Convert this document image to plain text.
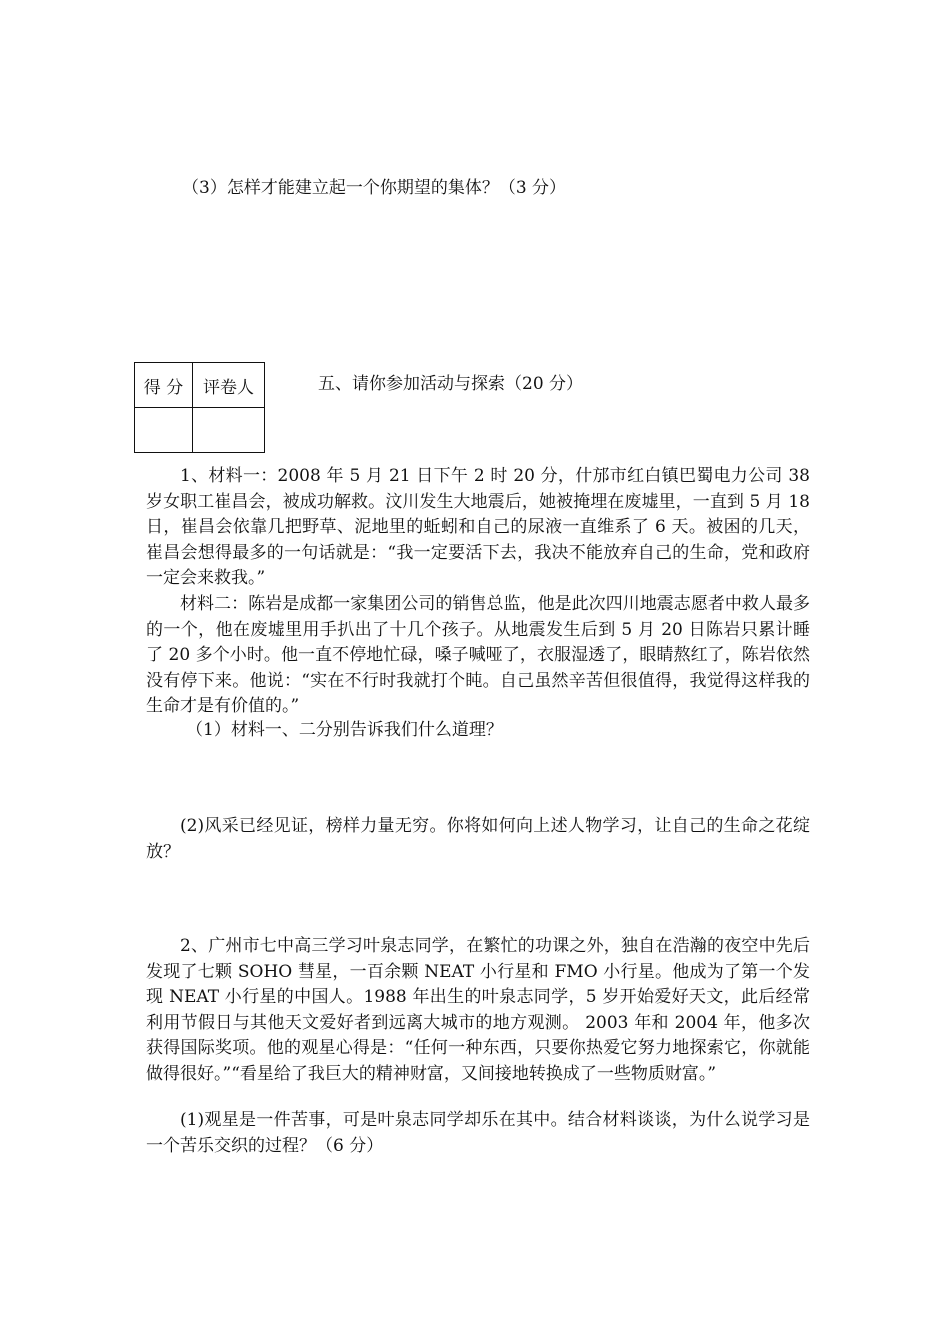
（3）怎样才能建立起一个你期望的集体？（3 分）
得 分	评卷人
		五、请你参加活动与探索（20 分）
1、材料一：2008 年 5 月 21 日下午 2 时 20 分，什邡市红白镇巴蜀电力公司 38 岁女职工崔昌会，被成功解救。汶川发生大地震后，她被掩埋在废墟里，一直到 5 月 18 日，崔昌会依靠几把野草、泥地里的蚯蚓和自己的尿液一直维系了 6 天。被困的几天，崔昌会想得最多的一句话就是：“我一定要活下去，我决不能放弃自己的生命，党和政府一定会来救我。”
材料二：陈岩是成都一家集团公司的销售总监，他是此次四川地震志愿者中救人最多的一个，他在废墟里用手扒出了十几个孩子。从地震发生后到 5 月 20 日陈岩只累计睡了 20 多个小时。他一直不停地忙碌，嗓子喊哑了，衣服湿透了，眼睛熬红了，陈岩依然没有停下来。他说：“实在不行时我就打个盹。自己虽然辛苦但很值得，我觉得这样我的生命才是有价值的。”
（1）材料一、二分别告诉我们什么道理？
(2)风采已经见证，榜样力量无穷。你将如何向上述人物学习，让自己的生命之花绽放？
2、广州市七中高三学习叶泉志同学，在繁忙的功课之外，独自在浩瀚的夜空中先后发现了七颗 SOHO 彗星，一百余颗 NEAT 小行星和 FMO 小行星。他成为了第一个发现 NEAT 小行星的中国人。1988 年出生的叶泉志同学，5 岁开始爱好天文，此后经常利用节假日与其他天文爱好者到远离大城市的地方观测。 2003 年和 2004 年，他多次获得国际奖项。他的观星心得是：“任何一种东西，只要你热爱它努力地探索它，你就能做得很好。”“看星给了我巨大的精神财富，又间接地转换成了一些物质财富。”
(1)观星是一件苦事，可是叶泉志同学却乐在其中。结合材料谈谈，为什么说学习是一个苦乐交织的过程？（6 分）
